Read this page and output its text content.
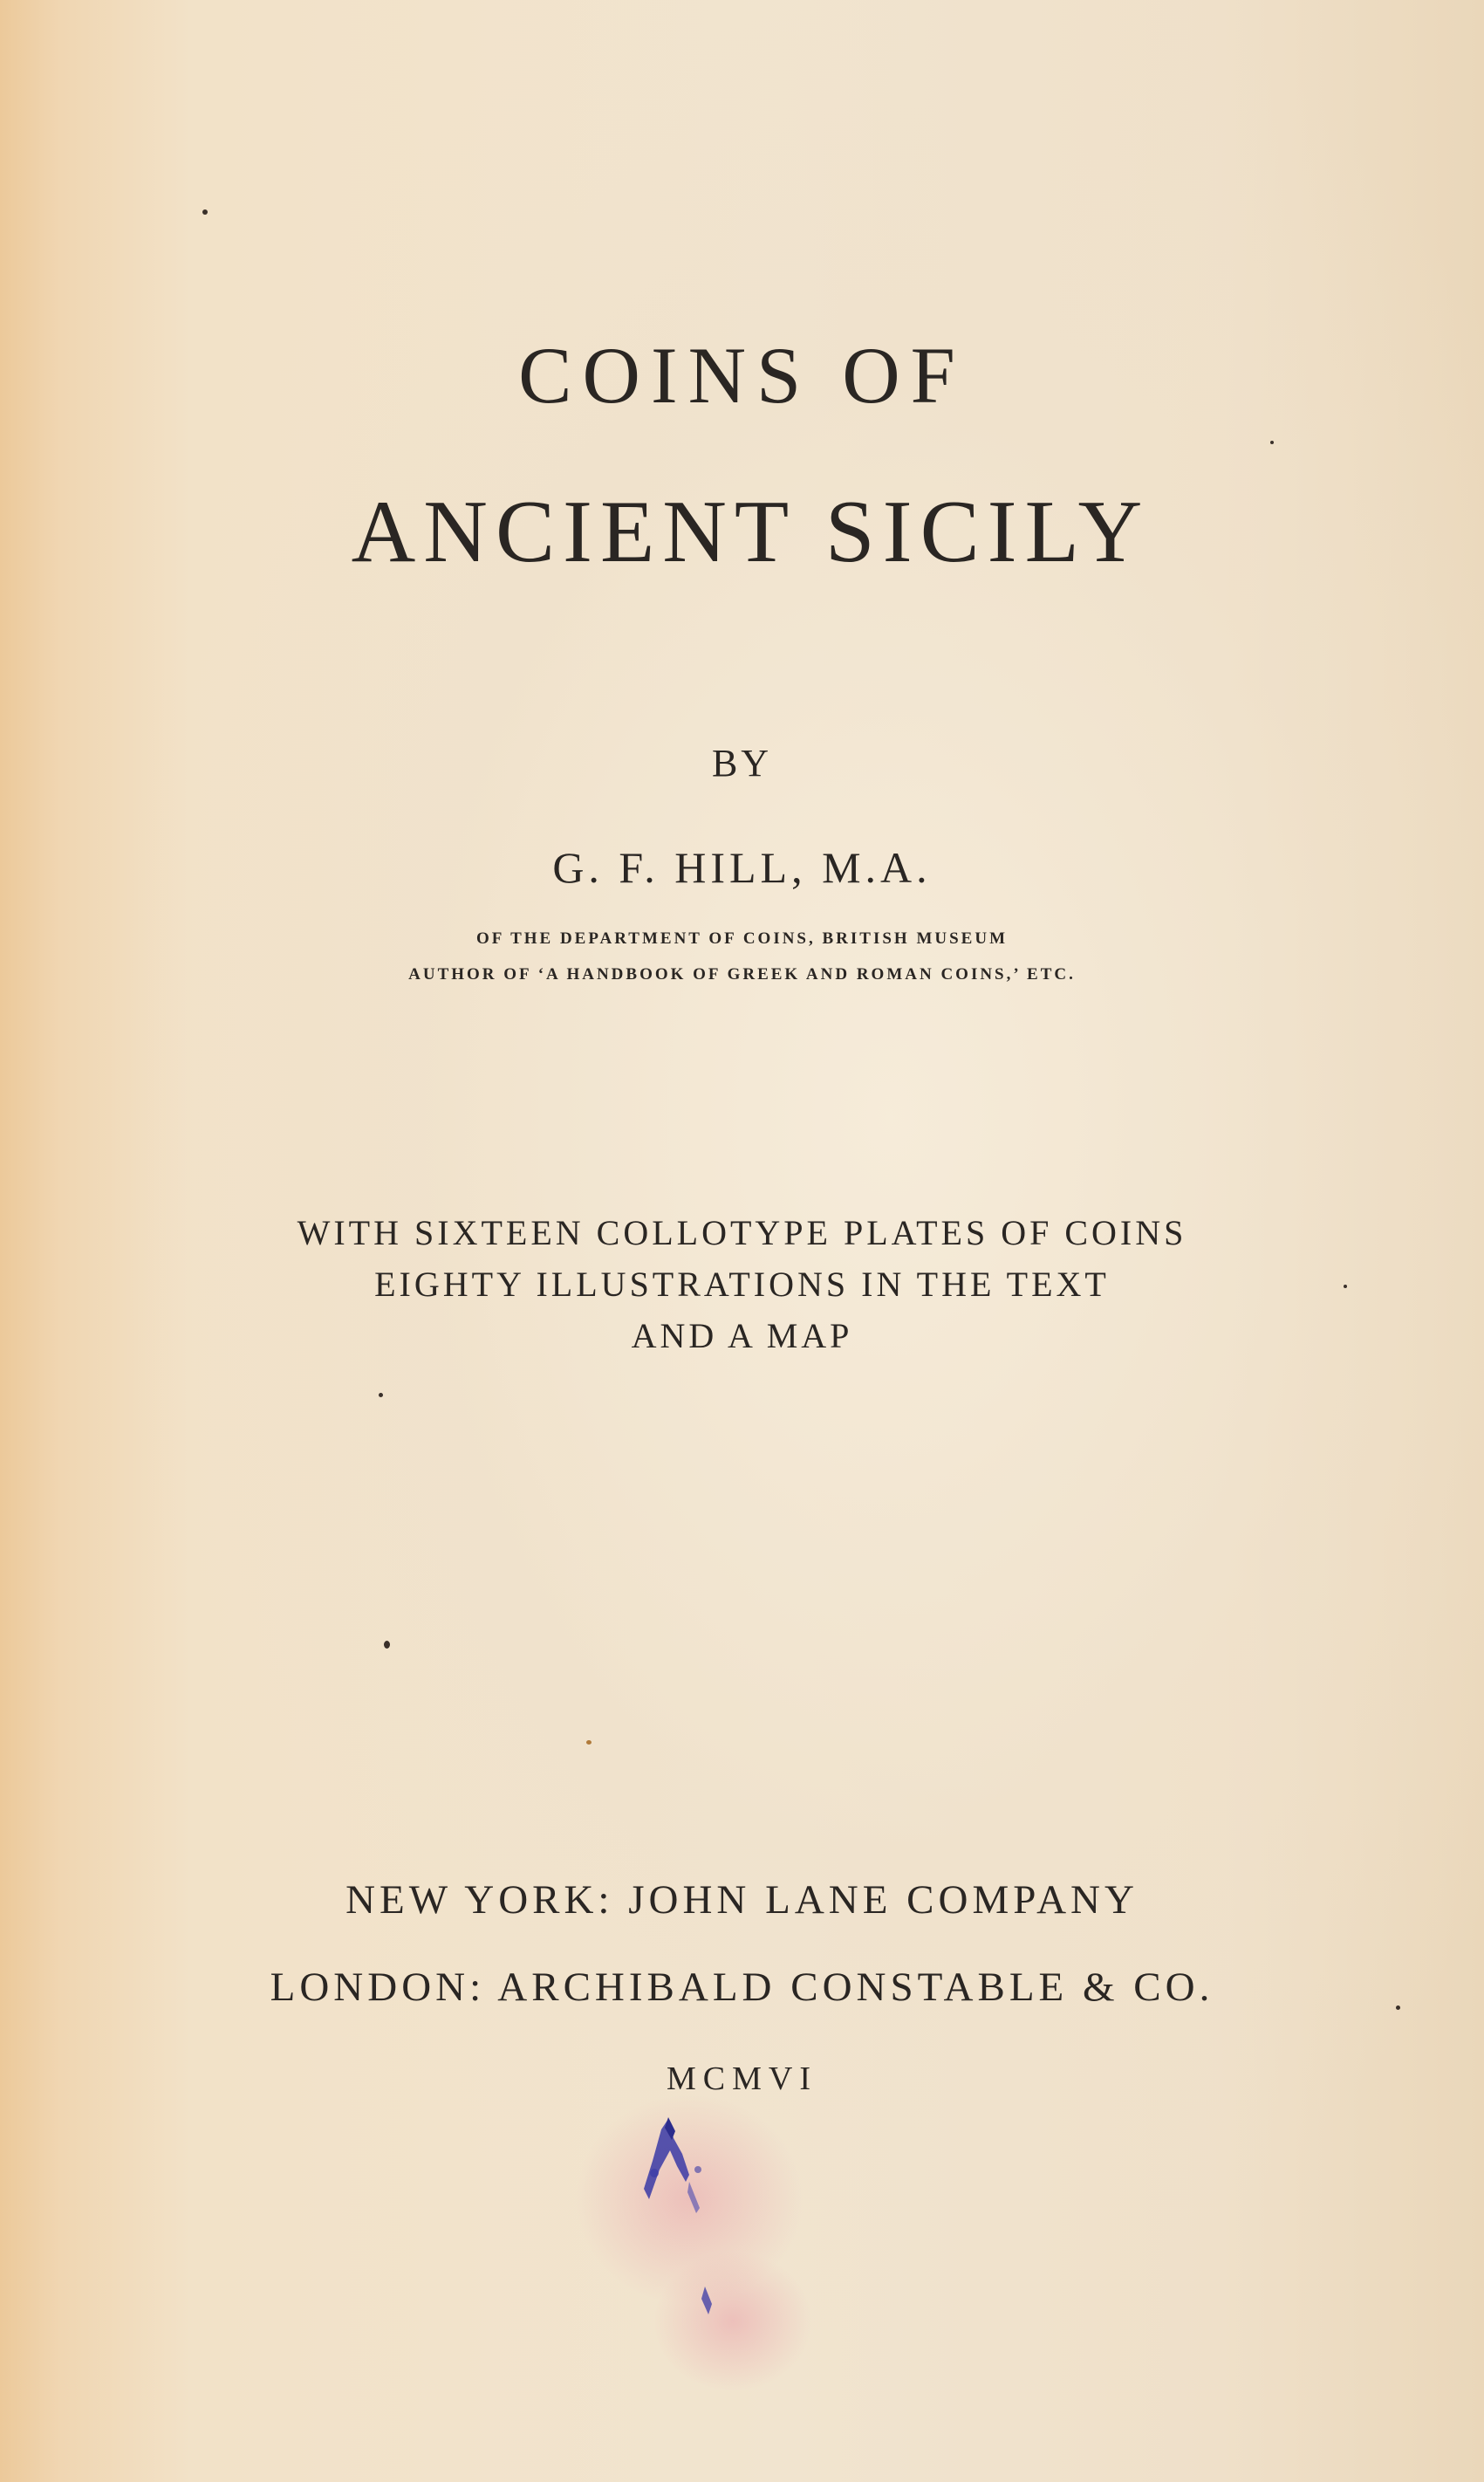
COINS OF
ANCIENT SICILY
BY
G. F. HILL, M.A.
OF THE DEPARTMENT OF COINS, BRITISH MUSEUM
AUTHOR OF ‘A HANDBOOK OF GREEK AND ROMAN COINS,’ ETC.
WITH SIXTEEN COLLOTYPE PLATES OF COINS
EIGHTY ILLUSTRATIONS IN THE TEXT
AND A MAP
NEW YORK: JOHN LANE COMPANY
LONDON: ARCHIBALD CONSTABLE & CO.
MCMVI
